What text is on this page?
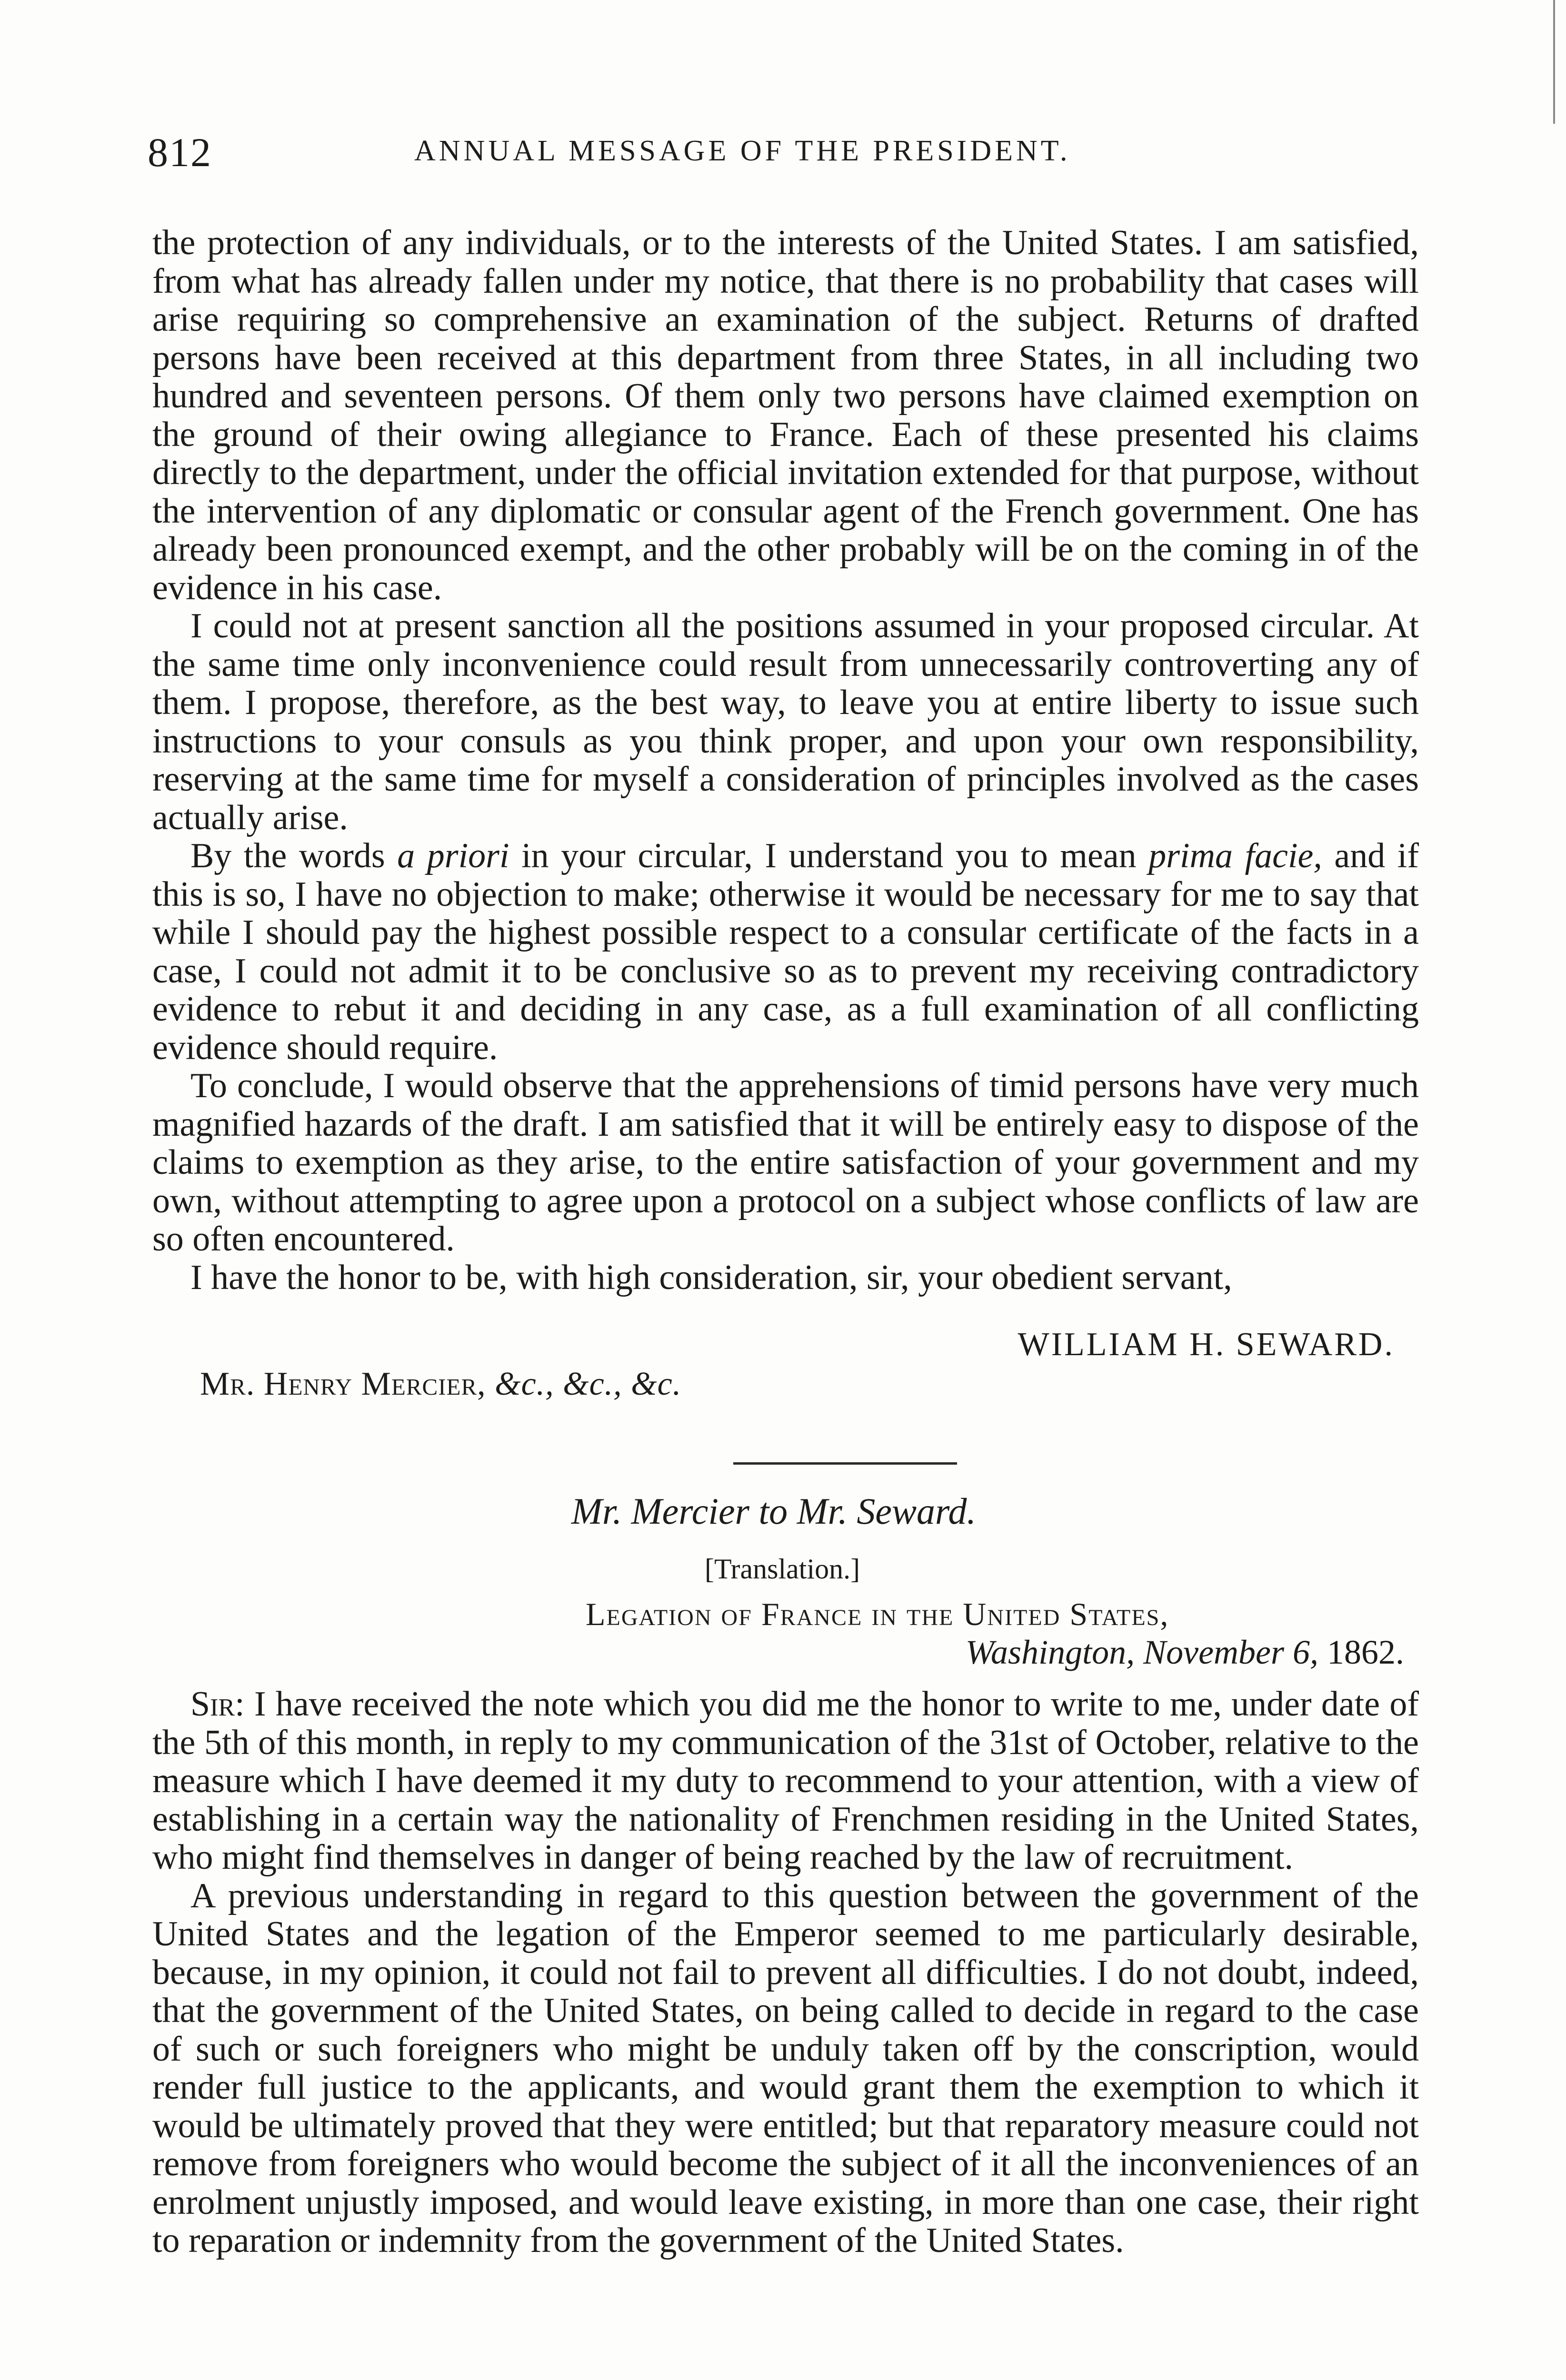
812	ANNUAL MESSAGE OF THE PRESIDENT.

the protection of any individuals, or to the interests of the United States. I am satisfied, from what has already fallen under my notice, that there is no probability that cases will arise requiring so comprehensive an examination of the subject. Returns of drafted persons have been received at this department from three States, in all including two hundred and seventeen persons. Of them only two persons have claimed exemption on the ground of their owing allegiance to France. Each of these presented his claims directly to the department, under the official invitation extended for that purpose, without the intervention of any diplomatic or consular agent of the French government. One has already been pronounced exempt, and the other probably will be on the coming in of the evidence in his case.

I could not at present sanction all the positions assumed in your proposed circular. At the same time only inconvenience could result from unnecessarily controverting any of them. I propose, therefore, as the best way, to leave you at entire liberty to issue such instructions to your consuls as you think proper, and upon your own responsibility, reserving at the same time for myself a consideration of principles involved as the cases actually arise.

By the words a priori in your circular, I understand you to mean prima facie, and if this is so, I have no objection to make; otherwise it would be necessary for me to say that while I should pay the highest possible respect to a consular certificate of the facts in a case, I could not admit it to be conclusive so as to prevent my receiving contradictory evidence to rebut it and deciding in any case, as a full examination of all conflicting evidence should require.

To conclude, I would observe that the apprehensions of timid persons have very much magnified hazards of the draft. I am satisfied that it will be entirely easy to dispose of the claims to exemption as they arise, to the entire satisfaction of your government and my own, without attempting to agree upon a protocol on a subject whose conflicts of law are so often encountered.

I have the honor to be, with high consideration, sir, your obedient servant,

WILLIAM H. SEWARD.
Mr. Henry Mercier, &c., &c., &c.
Mr. Mercier to Mr. Seward.
[Translation.]
Legation of France in the United States,
Washington, November 6, 1862.

Sir: I have received the note which you did me the honor to write to me, under date of the 5th of this month, in reply to my communication of the 31st of October, relative to the measure which I have deemed it my duty to recommend to your attention, with a view of establishing in a certain way the nationality of Frenchmen residing in the United States, who might find themselves in danger of being reached by the law of recruitment.

A previous understanding in regard to this question between the government of the United States and the legation of the Emperor seemed to me particularly desirable, because, in my opinion, it could not fail to prevent all difficulties. I do not doubt, indeed, that the government of the United States, on being called to decide in regard to the case of such or such foreigners who might be unduly taken off by the conscription, would render full justice to the applicants, and would grant them the exemption to which it would be ultimately proved that they were entitled; but that reparatory measure could not remove from foreigners who would become the subject of it all the inconveniences of an enrolment unjustly imposed, and would leave existing, in more than one case, their right to reparation or indemnity from the government of the United States.
